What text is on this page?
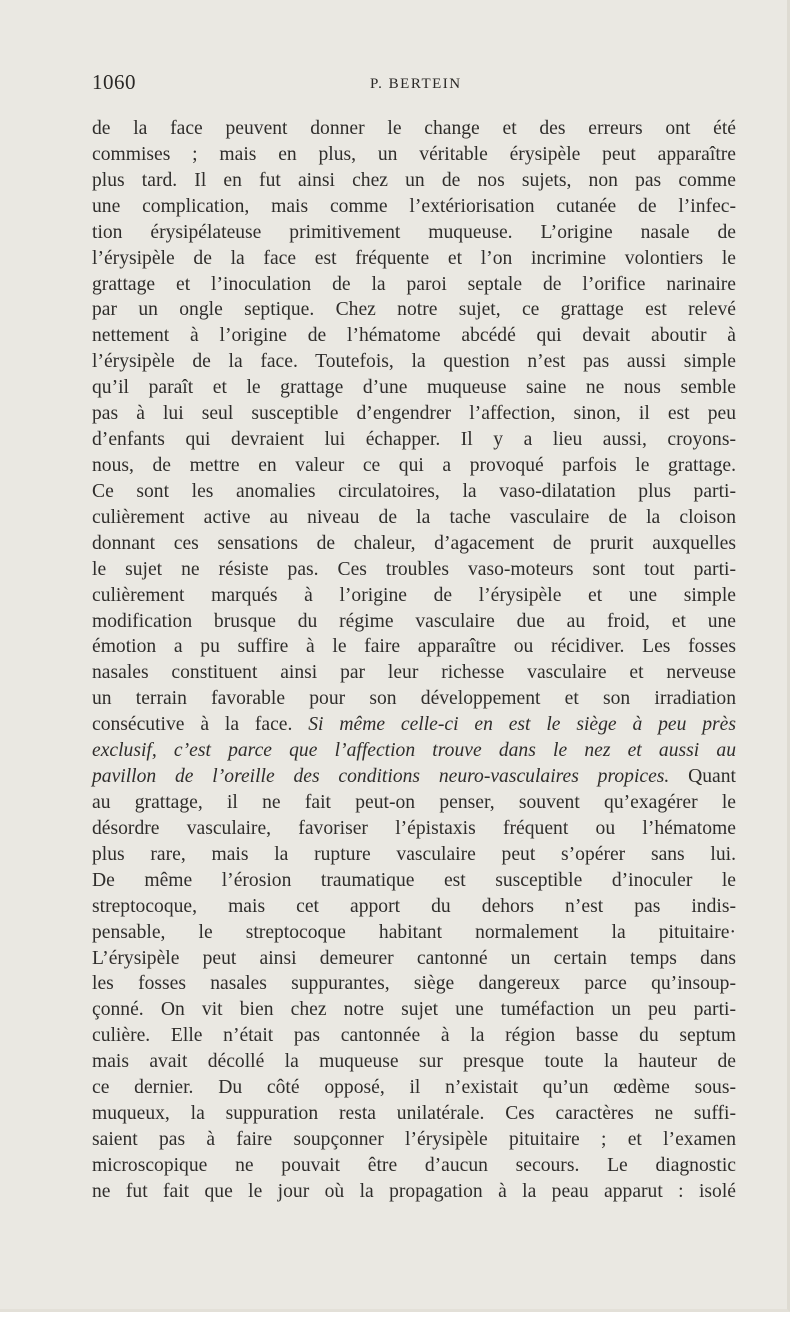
1060	P. BERTEIN
de la face peuvent donner le change et des erreurs ont été
commises ; mais en plus, un véritable érysipèle peut apparaître
plus tard. Il en fut ainsi chez un de nos sujets, non pas comme
une complication, mais comme l’extériorisation cutanée de l’infec-
tion érysipélateuse primitivement muqueuse. L’origine nasale de
l’érysipèle de la face est fréquente et l’on incrimine volontiers le
grattage et l’inoculation de la paroi septale de l’orifice narinaire
par un ongle septique. Chez notre sujet, ce grattage est relevé
nettement à l’origine de l’hématome abcédé qui devait aboutir à
l’érysipèle de la face. Toutefois, la question n’est pas aussi simple
qu’il paraît et le grattage d’une muqueuse saine ne nous semble
pas à lui seul susceptible d’engendrer l’affection, sinon, il est peu
d’enfants qui devraient lui échapper. Il y a lieu aussi, croyons-
nous, de mettre en valeur ce qui a provoqué parfois le grattage.
Ce sont les anomalies circulatoires, la vaso-dilatation plus parti-
culièrement active au niveau de la tache vasculaire de la cloison
donnant ces sensations de chaleur, d’agacement de prurit auxquelles
le sujet ne résiste pas. Ces troubles vaso-moteurs sont tout parti-
culièrement marqués à l’origine de l’érysipèle et une simple
modification brusque du régime vasculaire due au froid, et une
émotion a pu suffire à le faire apparaître ou récidiver. Les fosses
nasales constituent ainsi par leur richesse vasculaire et nerveuse
un terrain favorable pour son développement et son irradiation
consécutive à la face. Si même celle-ci en est le siège à peu près
exclusif, c’est parce que l’affection trouve dans le nez et aussi au
pavillon de l’oreille des conditions neuro-vasculaires propices. Quant
au grattage, il ne fait peut-on penser, souvent qu’exagérer le
désordre vasculaire, favoriser l’épistaxis fréquent ou l’hématome
plus rare, mais la rupture vasculaire peut s’opérer sans lui.
De même l’érosion traumatique est susceptible d’inoculer le
streptocoque, mais cet apport du dehors n’est pas indis-
pensable, le streptocoque habitant normalement la pituitaire·
L’érysipèle peut ainsi demeurer cantonné un certain temps dans
les fosses nasales suppurantes, siège dangereux parce qu’insoup-
çonné. On vit bien chez notre sujet une tuméfaction un peu parti-
culière. Elle n’était pas cantonnée à la région basse du septum
mais avait décollé la muqueuse sur presque toute la hauteur de
ce dernier. Du côté opposé, il n’existait qu’un œdème sous-
muqueux, la suppuration resta unilatérale. Ces caractères ne suffi-
saient pas à faire soupçonner l’érysipèle pituitaire ; et l’examen
microscopique ne pouvait être d’aucun secours. Le diagnostic
ne fut fait que le jour où la propagation à la peau apparut : isolé
